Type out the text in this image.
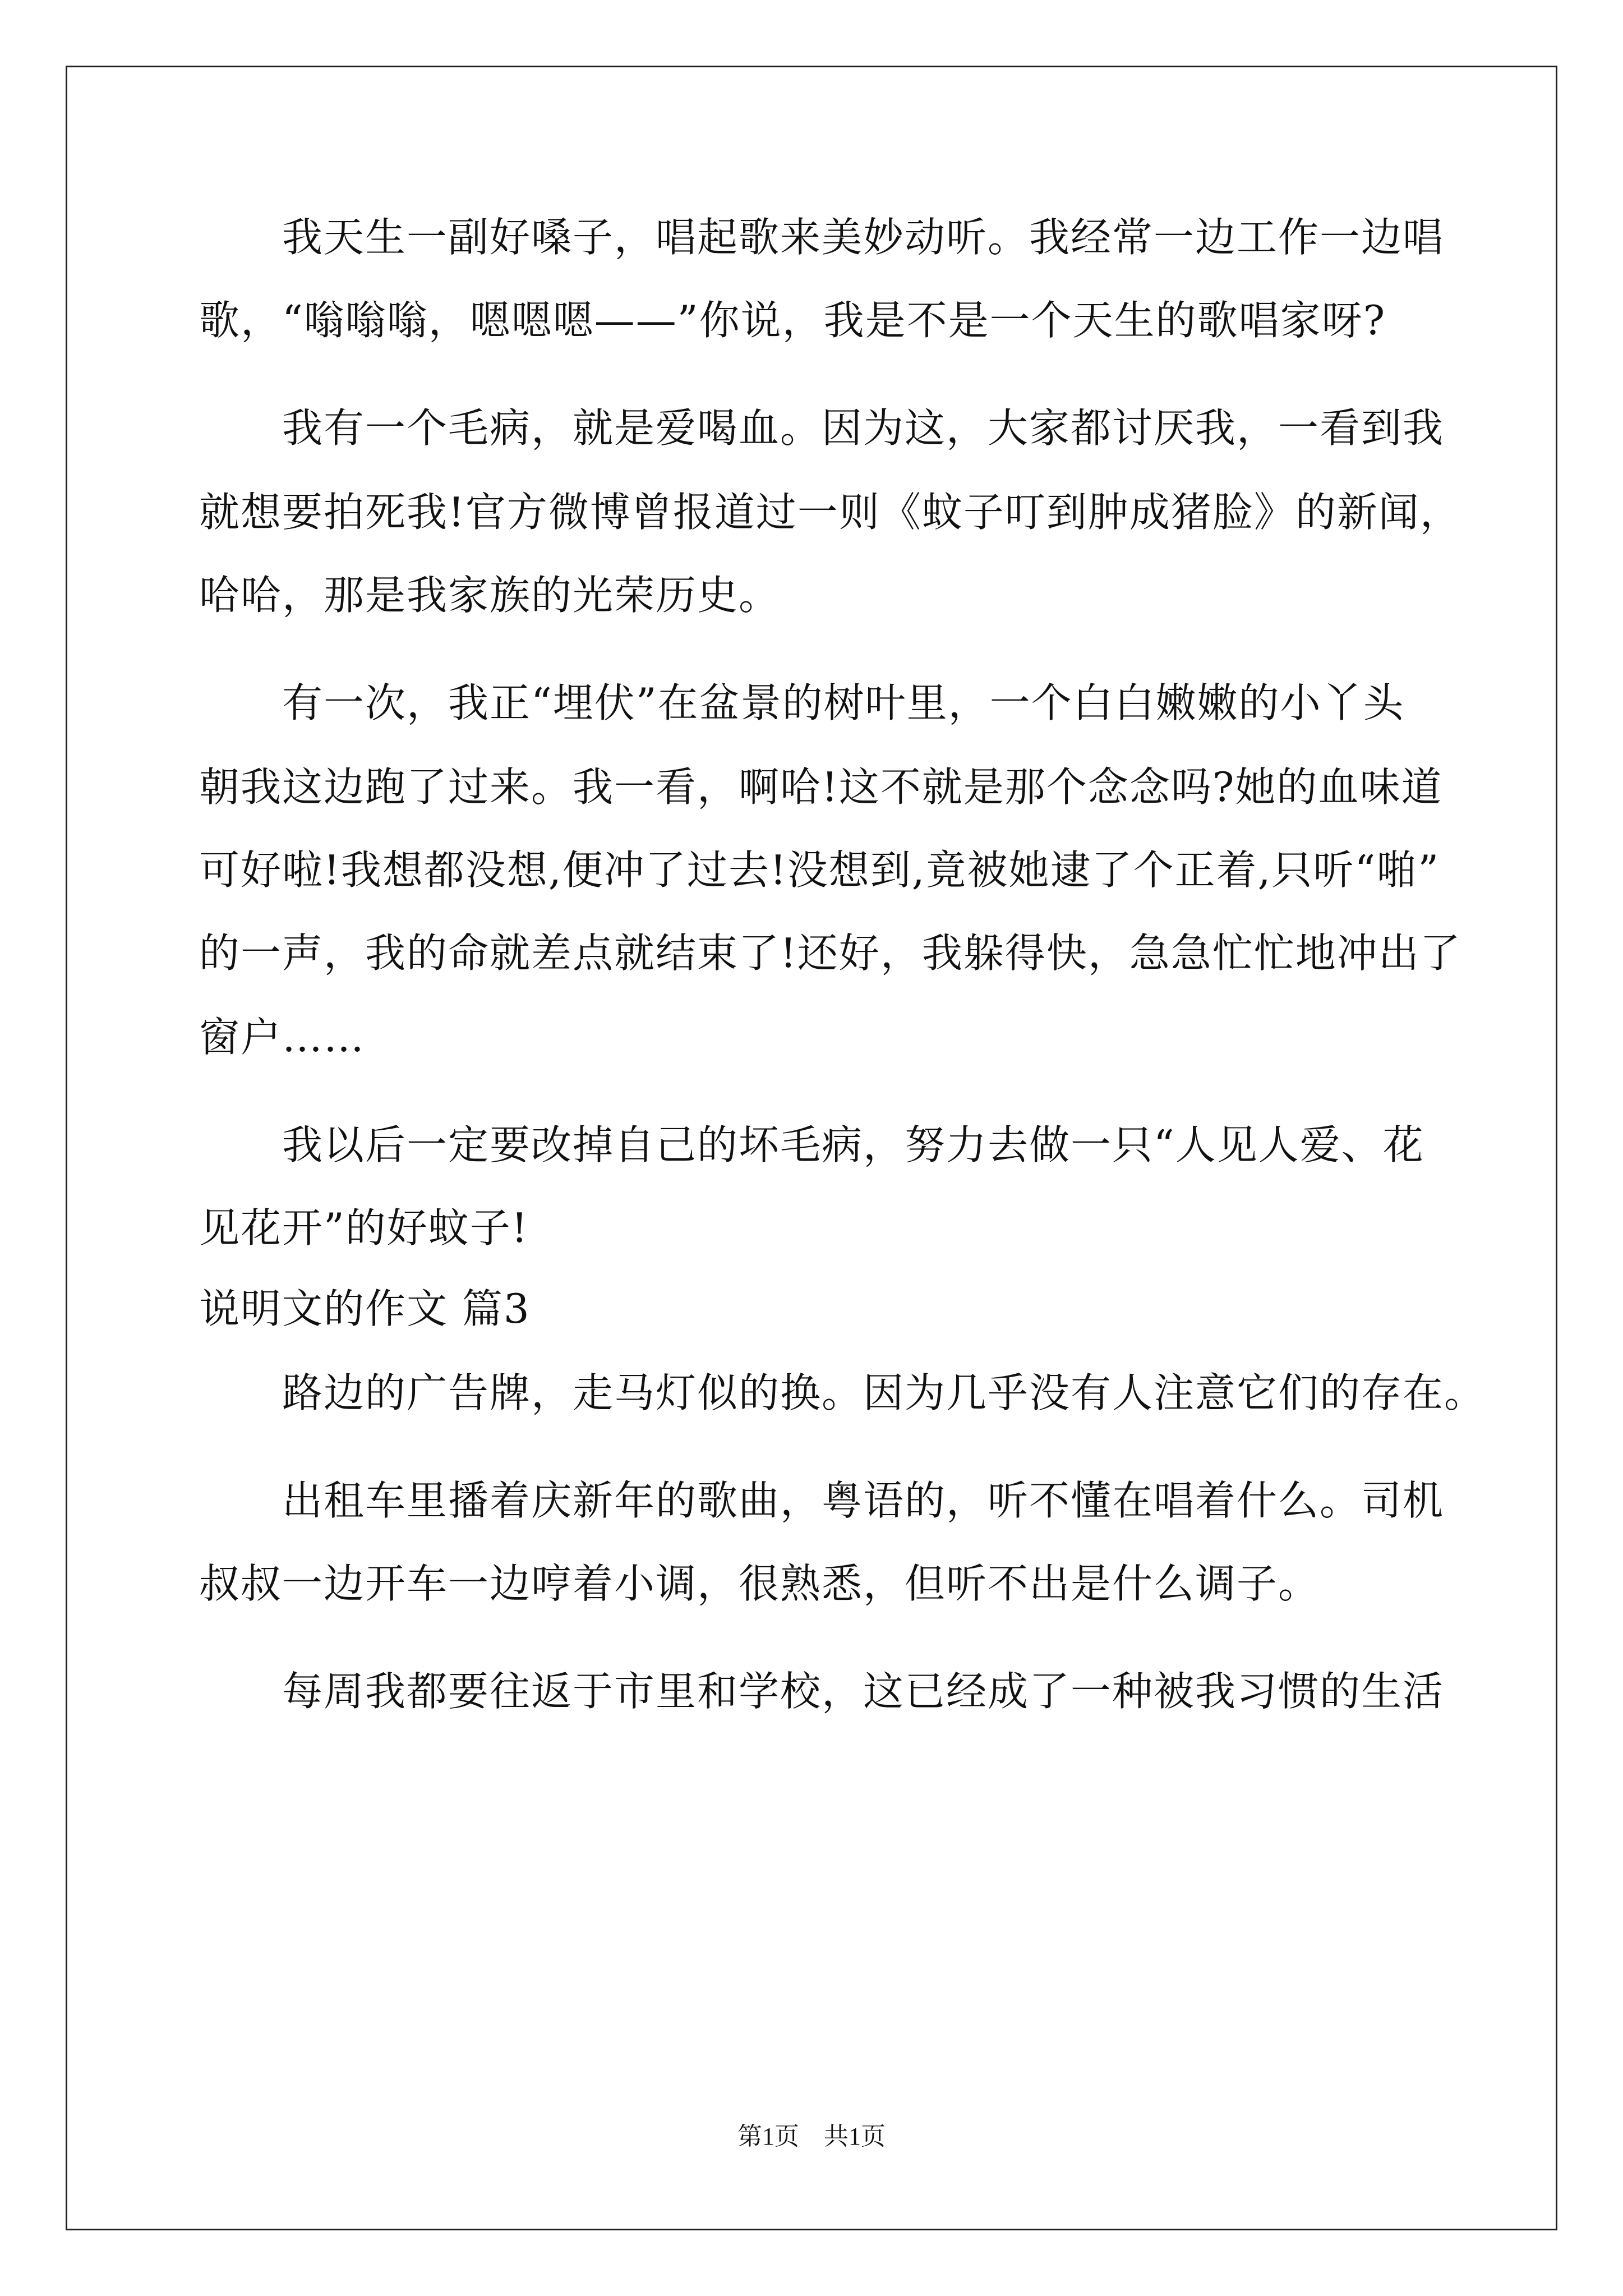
我天生一副好嗓子，唱起歌来美妙动听。我经常一边工作一边唱
歌，“嗡嗡嗡，嗯嗯嗯——”你说，我是不是一个天生的歌唱家呀?
我有一个毛病，就是爱喝血。因为这，大家都讨厌我，一看到我
就想要拍死我!官方微博曾报道过一则《蚊子叮到肿成猪脸》的新闻，
哈哈，那是我家族的光荣历史。
有一次，我正“埋伏”在盆景的树叶里，一个白白嫩嫩的小丫头
朝我这边跑了过来。我一看，啊哈!这不就是那个念念吗?她的血味道
可好啦!我想都没想,便冲了过去!没想到,竟被她逮了个正着,只听“啪”
的一声，我的命就差点就结束了!还好，我躲得快，急急忙忙地冲出了
窗户……
我以后一定要改掉自己的坏毛病，努力去做一只“人见人爱、花
见花开”的好蚊子!
说明文的作文 篇3
路边的广告牌，走马灯似的换。因为几乎没有人注意它们的存在。
出租车里播着庆新年的歌曲，粤语的，听不懂在唱着什么。司机
叔叔一边开车一边哼着小调，很熟悉，但听不出是什么调子。
每周我都要往返于市里和学校，这已经成了一种被我习惯的生活
第1页　共1页
